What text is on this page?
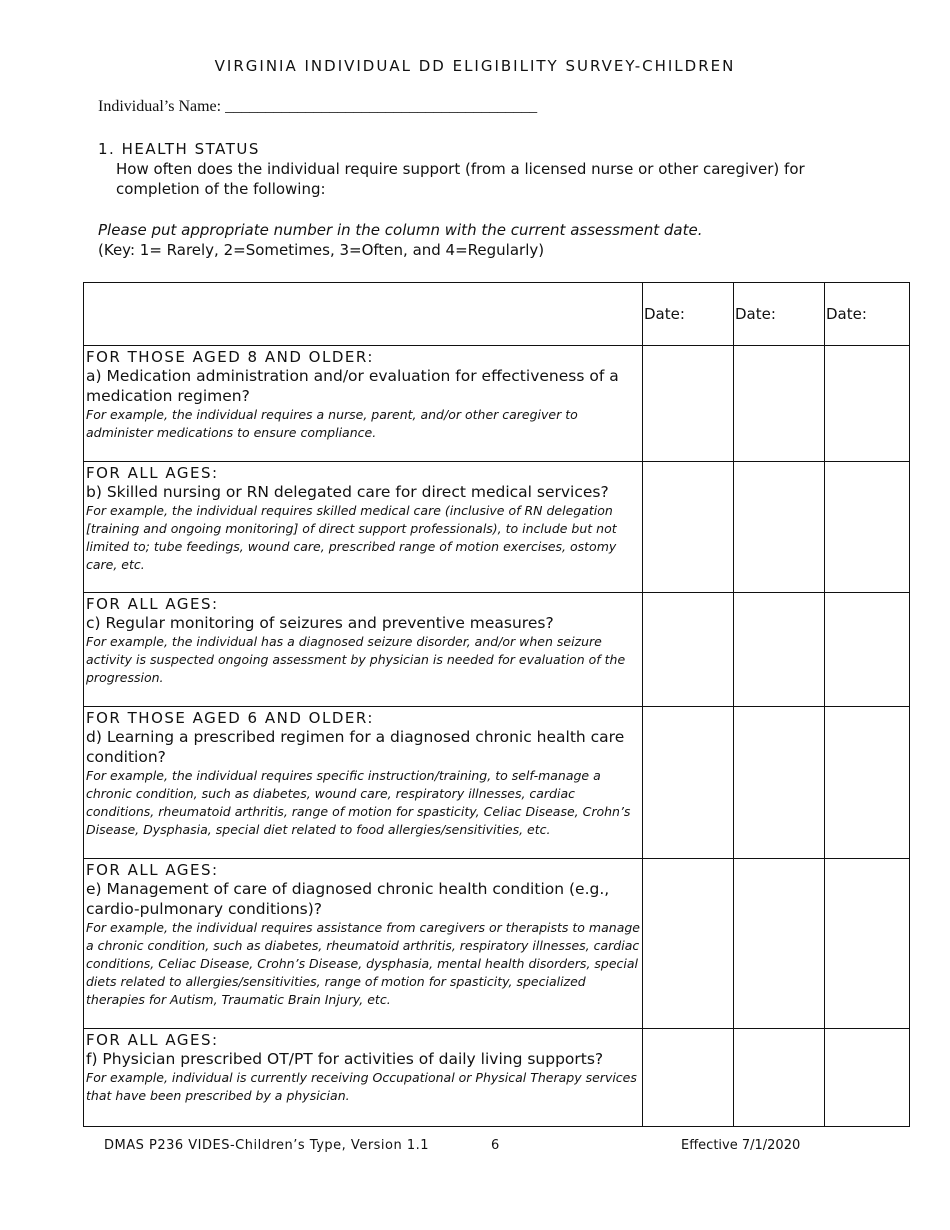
VIRGINIA INDIVIDUAL DD ELIGIBILITY SURVEY-CHILDREN
Individual’s Name: _______________________________________
1. HEALTH STATUS
How often does the individual require support (from a licensed nurse or other caregiver) for completion of the following:
Please put appropriate number in the column with the current assessment date.
(Key: 1= Rarely, 2=Sometimes, 3=Often, and 4=Regularly)
	Date:	Date:	Date:

FOR THOSE AGED 8 AND OLDER:
a) Medication administration and/or evaluation for effectiveness of a medication regimen?
For example, the individual requires a nurse, parent, and/or other caregiver to administer medications to ensure compliance.			

FOR ALL AGES:
b) Skilled nursing or RN delegated care for direct medical services?
For example, the individual requires skilled medical care (inclusive of RN delegation [training and ongoing monitoring] of direct support professionals), to include but not limited to; tube feedings, wound care, prescribed range of motion exercises, ostomy care, etc.			

FOR ALL AGES:
c) Regular monitoring of seizures and preventive measures?
For example, the individual has a diagnosed seizure disorder, and/or when seizure activity is suspected ongoing assessment by physician is needed for evaluation of the progression.			

FOR THOSE AGED 6 AND OLDER:
d) Learning a prescribed regimen for a diagnosed chronic health care condition?
For example, the individual requires specific instruction/training, to self-manage a chronic condition, such as diabetes, wound care, respiratory illnesses, cardiac conditions, rheumatoid arthritis, range of motion for spasticity, Celiac Disease, Crohn’s Disease, Dysphasia, special diet related to food allergies/sensitivities, etc.			

FOR ALL AGES:
e) Management of care of diagnosed chronic health condition (e.g., cardio-pulmonary conditions)?
For example, the individual requires assistance from caregivers or therapists to manage a chronic condition, such as diabetes, rheumatoid arthritis, respiratory illnesses, cardiac conditions, Celiac Disease, Crohn’s Disease, dysphasia, mental health disorders, special diets related to allergies/sensitivities, range of motion for spasticity, specialized therapies for Autism, Traumatic Brain Injury, etc.			

FOR ALL AGES:
f) Physician prescribed OT/PT for activities of daily living supports?
For example, individual is currently receiving Occupational or Physical Therapy services that have been prescribed by a physician.			

DMAS P236 VIDES-Children’s Type, Version 1.1	6	Effective 7/1/2020
